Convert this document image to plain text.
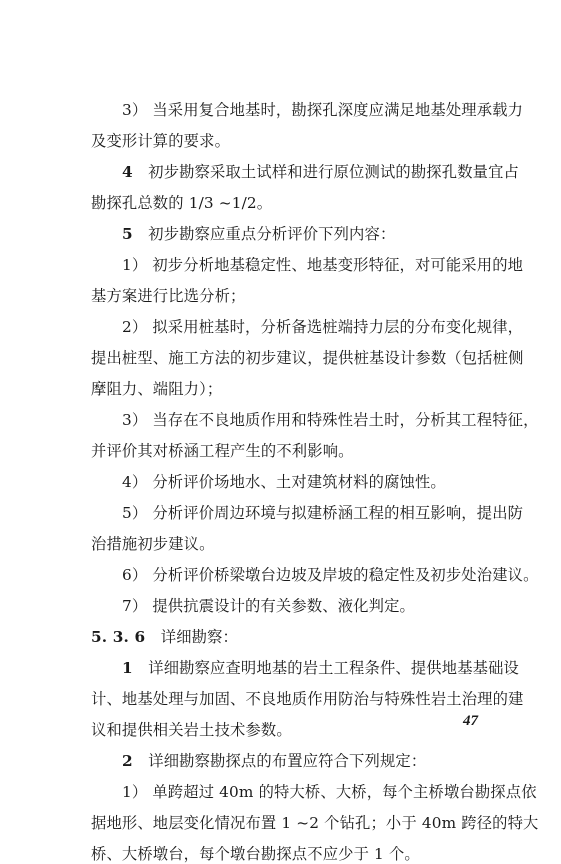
3） 当采用复合地基时，勘探孔深度应满足地基处理承载力
及变形计算的要求。
4　 初步勘察采取土试样和进行原位测试的勘探孔数量宜占
勘探孔总数的 1/3 ~1/2。
5　 初步勘察应重点分析评价下列内容：
1） 初步分析地基稳定性、地基变形特征，对可能采用的地
基方案进行比选分析；
2） 拟采用桩基时，分析备选桩端持力层的分布变化规律，
提出桩型、施工方法的初步建议，提供桩基设计参数（包括桩侧
摩阻力、端阻力）；
3） 当存在不良地质作用和特殊性岩土时，分析其工程特征，
并评价其对桥涵工程产生的不利影响。
4） 分析评价场地水、土对建筑材料的腐蚀性。
5） 分析评价周边环境与拟建桥涵工程的相互影响，提出防
治措施初步建议。
6） 分析评价桥梁墩台边坡及岸坡的稳定性及初步处治建议。
7） 提供抗震设计的有关参数、液化判定。
5. 3. 6　 详细勘察：
1　 详细勘察应查明地基的岩土工程条件、提供地基基础设
计、地基处理与加固、不良地质作用防治与特殊性岩土治理的建
议和提供相关岩土技术参数。
2　 详细勘察勘探点的布置应符合下列规定：
1） 单跨超过 40m 的特大桥、大桥，每个主桥墩台勘探点依
据地形、地层变化情况布置 1 ~2 个钻孔；小于 40m 跨径的特大
桥、大桥墩台，每个墩台勘探点不应少于 1 个。
47
